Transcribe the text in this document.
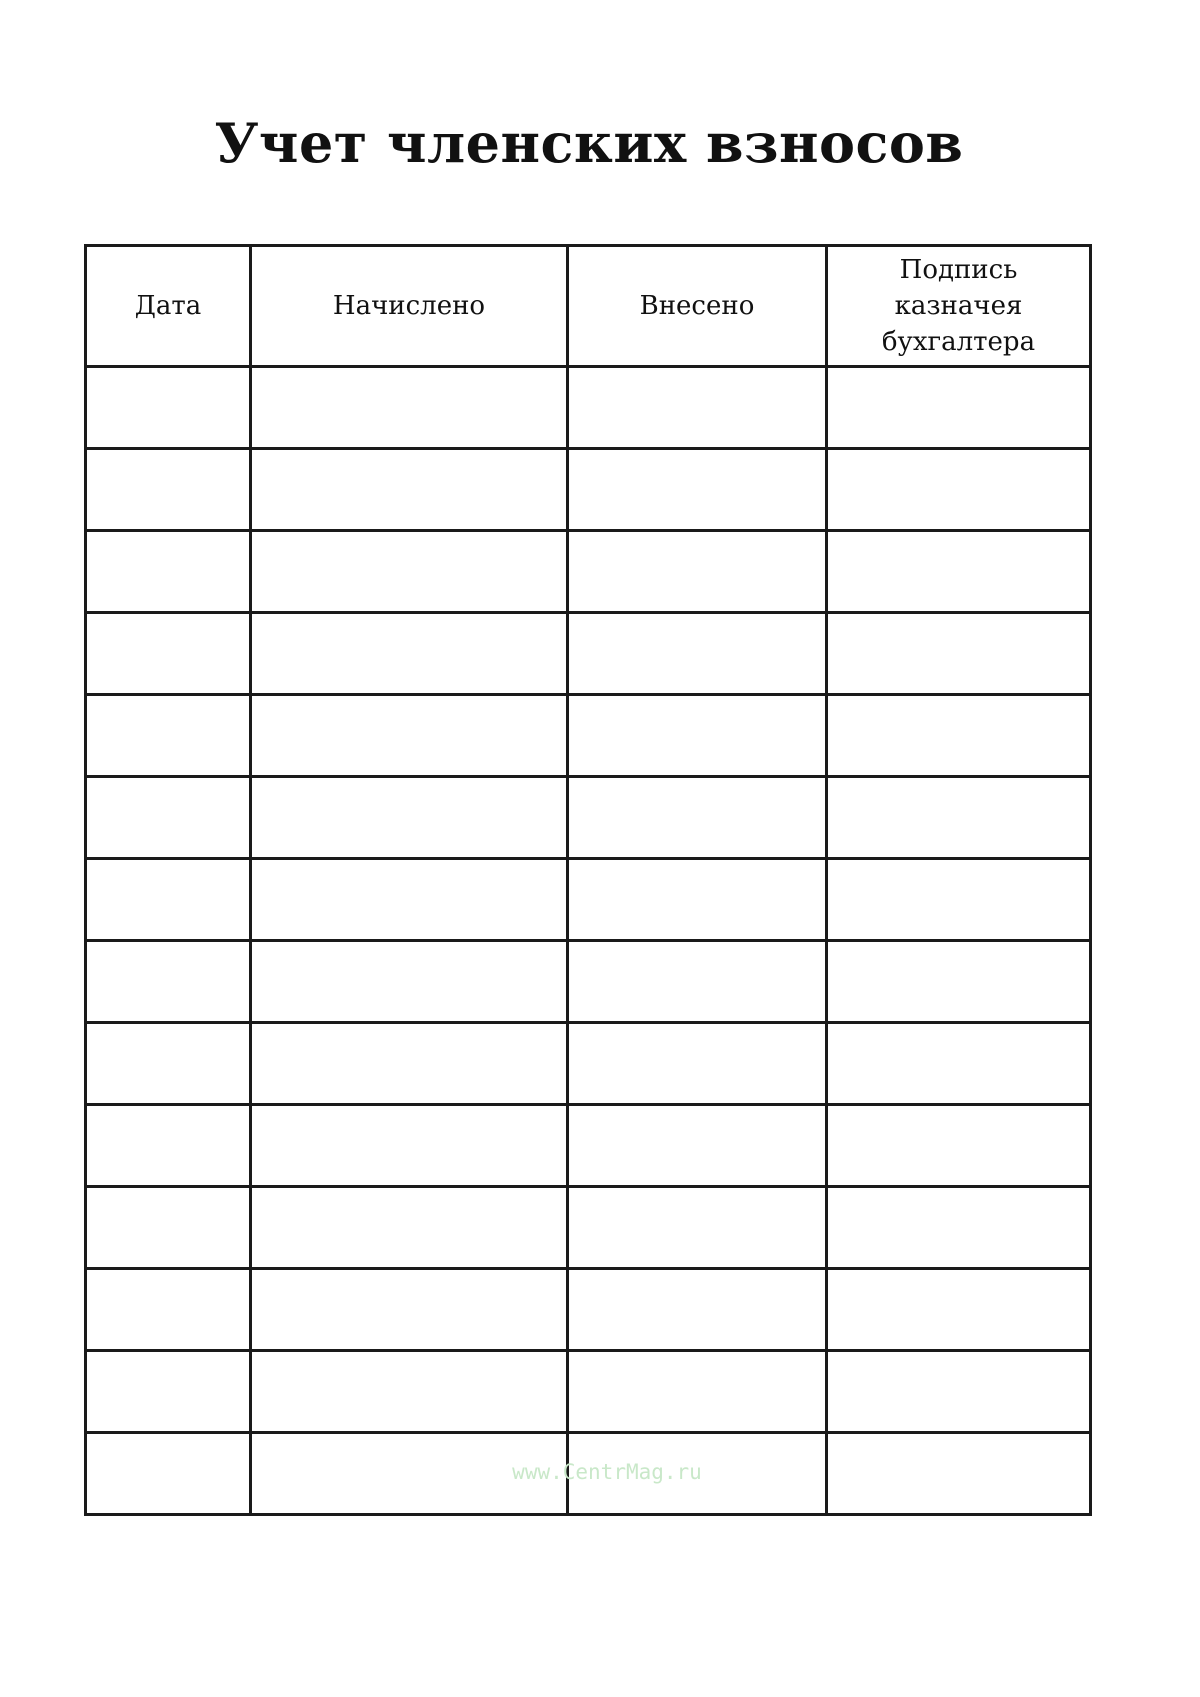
Учет членских взносов
Дата	Начислено	Внесено	Подпись
казначея
бухгалтера

www.CentrMag.ru
